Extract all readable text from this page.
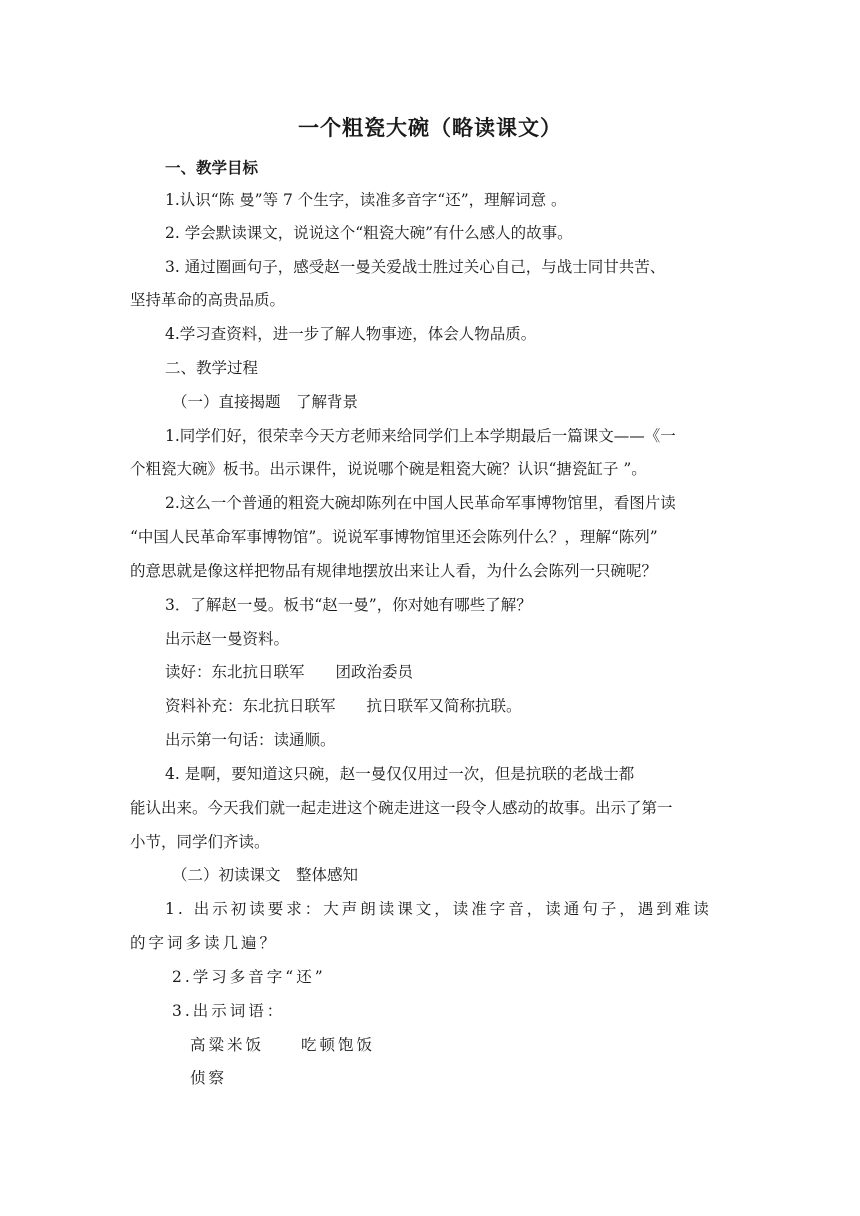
一个粗瓷大碗（略读课文）

一、教学目标

1.认识“陈 曼”等 7 个生字，读准多音字“还”，理解词意 。

2. 学会默读课文，说说这个“粗瓷大碗”有什么感人的故事。

3. 通过圈画句子，感受赵一曼关爱战士胜过关心自己，与战士同甘共苦、

坚持革命的高贵品质。

4.学习查资料，进一步了解人物事迹，体会人物品质。

二、教学过程

（一）直接揭题　了解背景

1.同学们好，很荣幸今天方老师来给同学们上本学期最后一篇课文——《一

个粗瓷大碗》板书。出示课件，说说哪个碗是粗瓷大碗？认识“搪瓷缸子 ”。

2.这么一个普通的粗瓷大碗却陈列在中国人民革命军事博物馆里，看图片读

“中国人民革命军事博物馆”。说说军事博物馆里还会陈列什么？，理解“陈列”

的意思就是像这样把物品有规律地摆放出来让人看，为什么会陈列一只碗呢？

3．了解赵一曼。板书“赵一曼”，你对她有哪些了解？

出示赵一曼资料。

读好：东北抗日联军　　团政治委员

资料补充：东北抗日联军　　抗日联军又简称抗联。

出示第一句话：读通顺。

4. 是啊，要知道这只碗，赵一曼仅仅用过一次，但是抗联的老战士都

能认出来。今天我们就一起走进这个碗走进这一段令人感动的故事。出示了第一

小节，同学们齐读。

（二）初读课文　整体感知

1. 出示初读要求：大声朗读课文，读准字音，读通句子，遇到难读

的字词多读几遍？

2.学习多音字“还”

3.出示词语：

高粱米饭　　吃顿饱饭

侦察
